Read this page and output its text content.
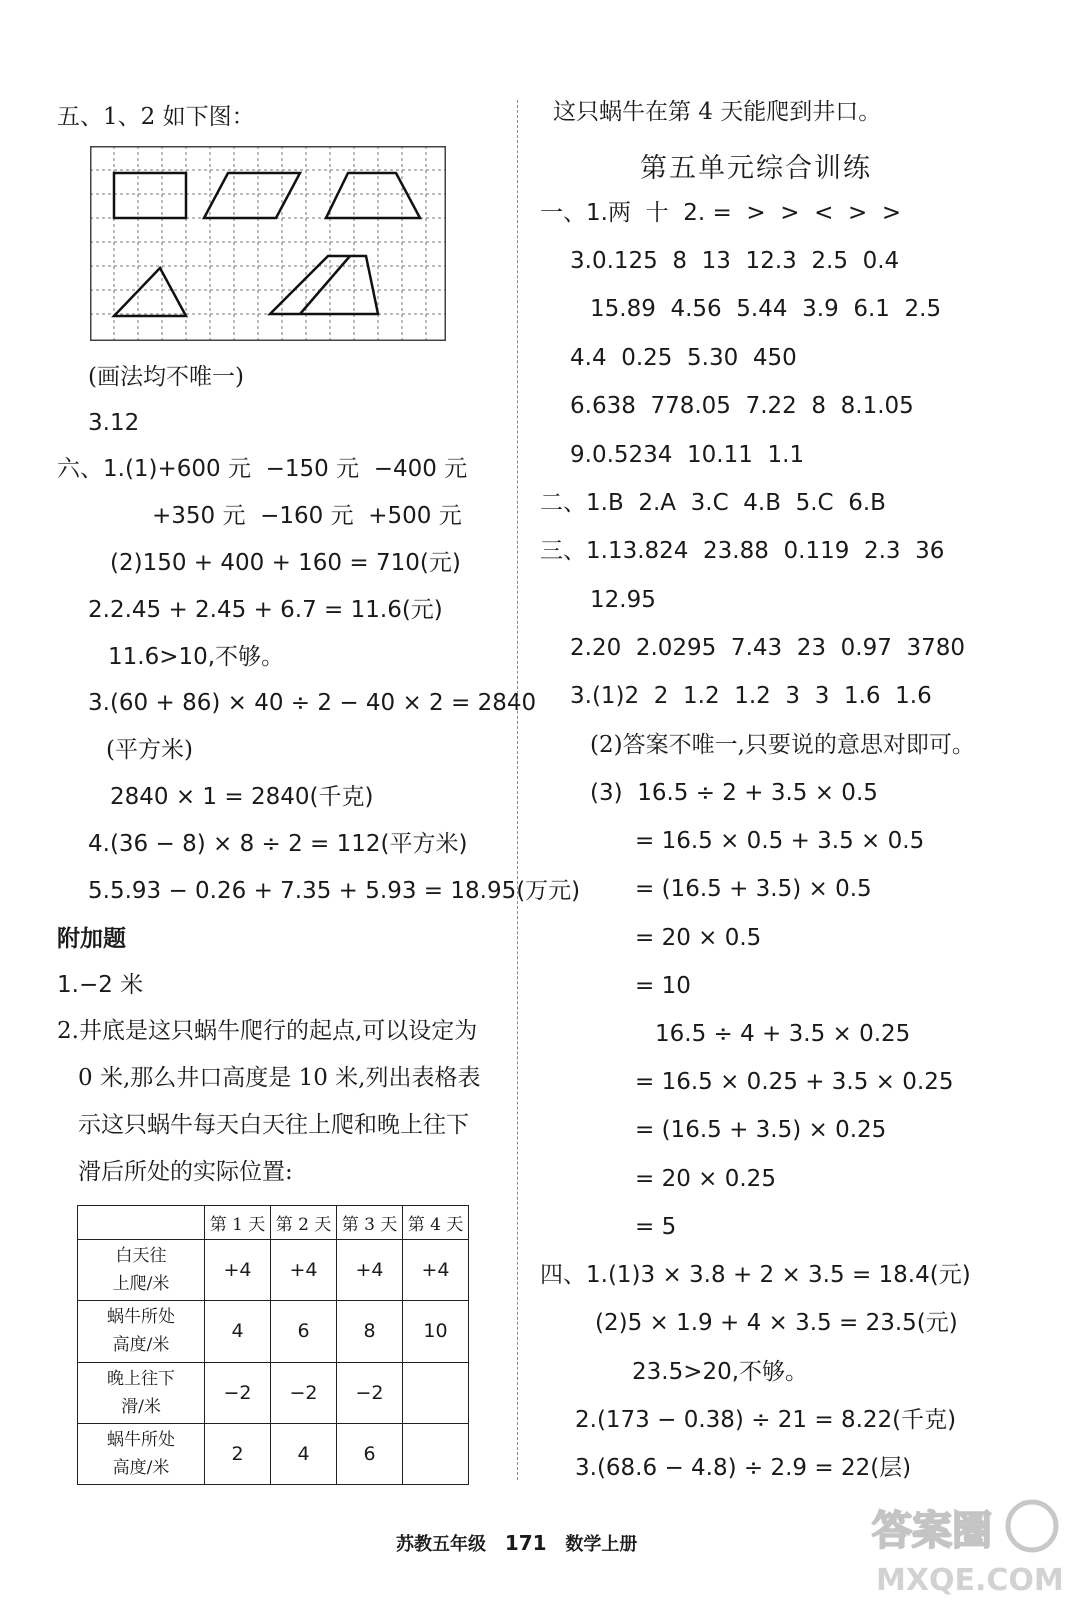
五、1、2 如下图：
(画法均不唯一)
3.12
六、1.(1)+600 元  −150 元  −400 元
+350 元  −160 元  +500 元
(2)150 + 400 + 160 = 710(元)
2.2.45 + 2.45 + 6.7 = 11.6(元)
11.6>10,不够。
3.(60 + 86) × 40 ÷ 2 − 40 × 2 = 2840
(平方米)
2840 × 1 = 2840(千克)
4.(36 − 8) × 8 ÷ 2 = 112(平方米)
5.5.93 − 0.26 + 7.35 + 5.93 = 18.95(万元)
附加题
1.−2 米
2.井底是这只蜗牛爬行的起点,可以设定为
0 米,那么井口高度是 10 米,列出表格表
示这只蜗牛每天白天往上爬和晚上往下
滑后所处的实际位置:
	第 1 天	第 2 天	第 3 天	第 4 天
白天往
上爬/米	+4	+4	+4	+4
蜗牛所处
高度/米	4	6	8	10
晚上往下
滑/米	−2	−2	−2	
蜗牛所处
高度/米	2	4	6	
这只蜗牛在第 4 天能爬到井口。
第五单元综合训练
一、1.两  十  2. =  >  >  <  >  >
3.0.125  8  13  12.3  2.5  0.4
15.89  4.56  5.44  3.9  6.1  2.5
4.4  0.25  5.30  450
6.638  778.05  7.22  8  8.1.05
9.0.5234  10.11  1.1
二、1.B  2.A  3.C  4.B  5.C  6.B
三、1.13.824  23.88  0.119  2.3  36
12.95
2.20  2.0295  7.43  23  0.97  3780
3.(1)2  2  1.2  1.2  3  3  1.6  1.6
(2)答案不唯一,只要说的意思对即可。
(3)  16.5 ÷ 2 + 3.5 × 0.5
= 16.5 × 0.5 + 3.5 × 0.5
= (16.5 + 3.5) × 0.5
= 20 × 0.5
= 10
16.5 ÷ 4 + 3.5 × 0.25
= 16.5 × 0.25 + 3.5 × 0.25
= (16.5 + 3.5) × 0.25
= 20 × 0.25
= 5
四、1.(1)3 × 3.8 + 2 × 3.5 = 18.4(元)
(2)5 × 1.9 + 4 × 3.5 = 23.5(元)
23.5>20,不够。
2.(173 − 0.38) ÷ 21 = 8.22(千克)
3.(68.6 − 4.8) ÷ 2.9 = 22(层)
苏教五年级 171 数学上册	答案圈
MXQE.COM
